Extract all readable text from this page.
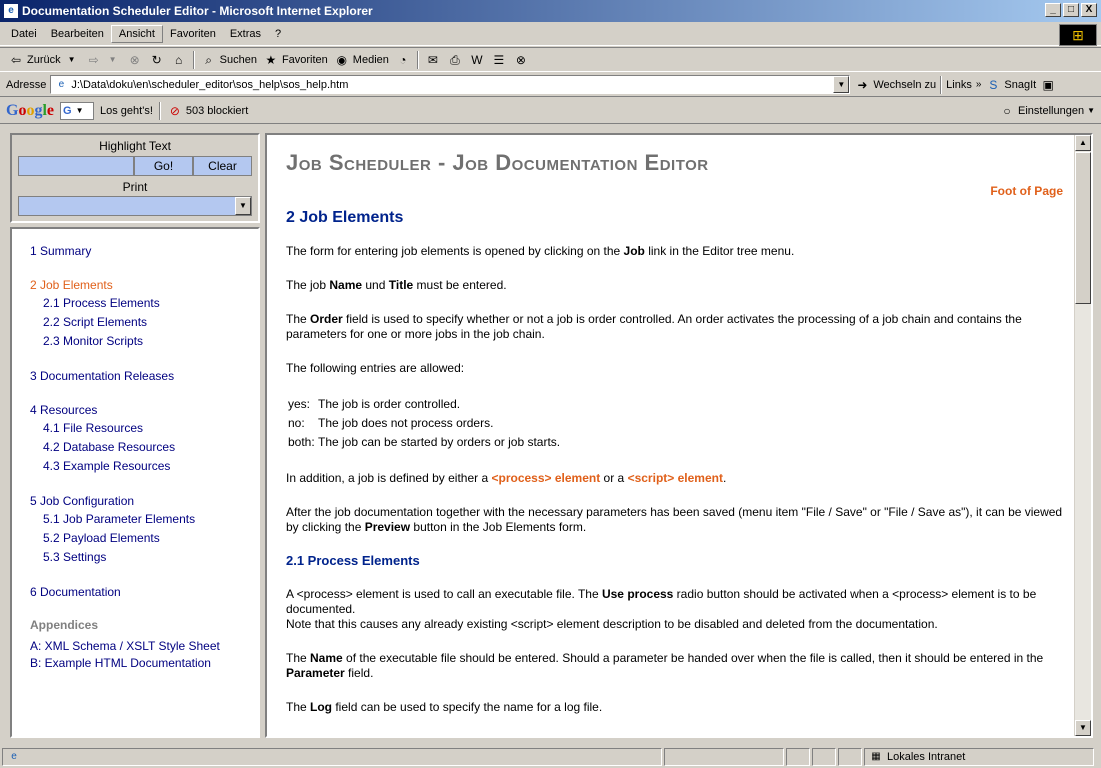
e Documentation Scheduler Editor - Microsoft Internet Explorer	_	□	X
Datei	Bearbeiten	Ansicht	Favoriten	Extras	?	⊞
⇦ Zurück ▼	⇨	▼	⊗ ↻	⌂	⌕ Suchen ★ Favoriten ◉ Medien ◔	✉ ⎙ W ☰ ⊗
Adresse	e J:\Data\doku\en\scheduler_editor\sos_help\sos_help.htm	▼	➜ Wechseln zu Links » S SnagIt ▣
Google G ▼ Los geht's! ⊘ 503 blockiert	○ Einstellungen ▼
Highlight Text
Go!	Clear
Print
▼
1 Summary
2 Job Elements
2.1 Process Elements
2.2 Script Elements
2.3 Monitor Scripts
3 Documentation Releases
4 Resources
4.1 File Resources
4.2 Database Resources
4.3 Example Resources
5 Job Configuration
5.1 Job Parameter Elements
5.2 Payload Elements
5.3 Settings
6 Documentation
Appendices
A: XML Schema / XSLT Style Sheet
B: Example HTML Documentation
Job Scheduler - Job Documentation Editor
2 Job Elements
The form for entering job elements is opened by clicking on the Job link in the Editor tree menu.
The job Name und Title must be entered.
The Order field is used to specify whether or not a job is order controlled. An order activates the processing of a job chain and contains the parameters for one or more jobs in the job chain.
The following entries are allowed:
yes: The job is order controlled.
no: The job does not process orders.
both: The job can be started by orders or job starts.
In addition, a job is defined by either a <process> element or a <script> element.
After the job documentation together with the necessary parameters has been saved (menu item "File / Save" or "File / Save as"), it can be viewed by clicking the Preview button in the Job Elements form.
2.1 Process Elements
A <process> element is used to call an executable file. The Use process radio button should be activated when a <process> element is to be documented.
Note that this causes any already existing <script> element description to be disabled and deleted from the documentation.
The Name of the executable file should be entered. Should a parameter be handed over when the file is called, then it should be entered in the Parameter field.
The Log field can be used to specify the name for a log file.
Foot of Page
▲
▼
e	▦ Lokales Intranet
